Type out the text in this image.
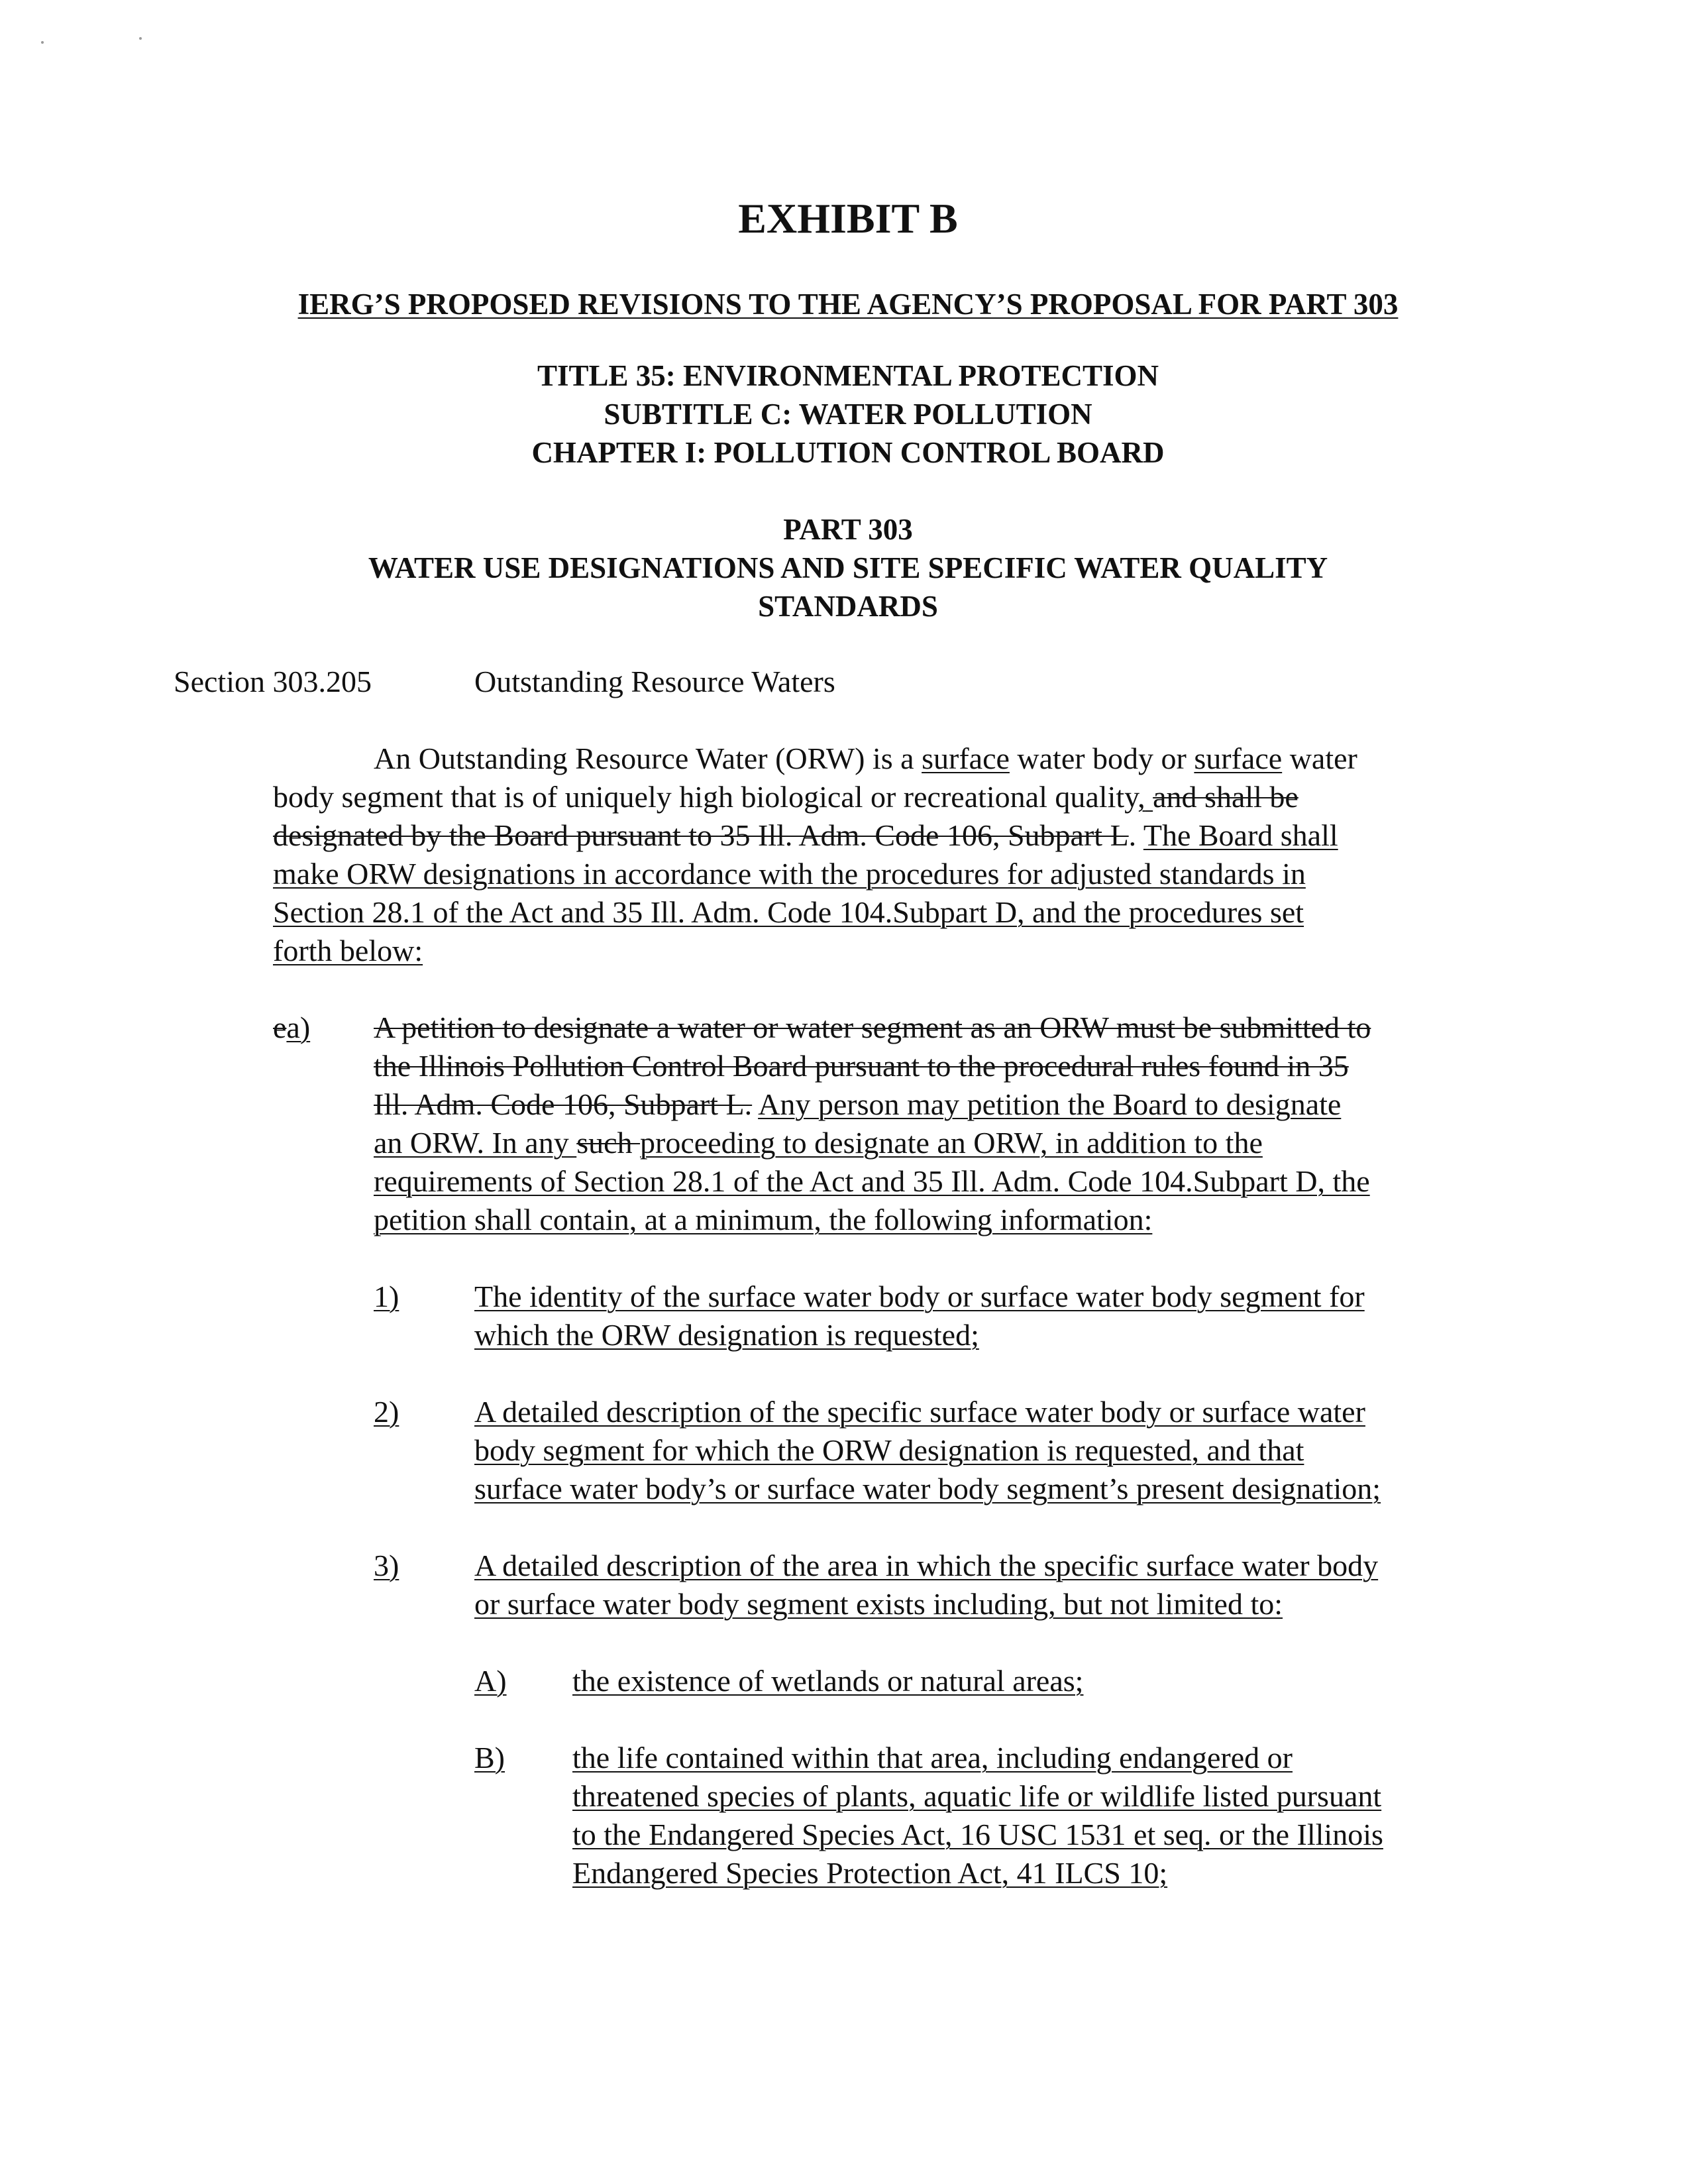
EXHIBIT B
IERG’S PROPOSED REVISIONS TO THE AGENCY’S PROPOSAL FOR PART 303
TITLE 35: ENVIRONMENTAL PROTECTION
SUBTITLE C: WATER POLLUTION
CHAPTER I: POLLUTION CONTROL BOARD
PART 303
WATER USE DESIGNATIONS AND SITE SPECIFIC WATER QUALITY
STANDARDS
Section 303.205	Outstanding Resource Waters
An Outstanding Resource Water (ORW) is a surface water body or surface water
body segment that is of uniquely high biological or recreational quality, and shall be
designated by the Board pursuant to 35 Ill. Adm. Code 106, Subpart L. The Board shall
make ORW designations in accordance with the procedures for adjusted standards in
Section 28.1 of the Act and 35 Ill. Adm. Code 104.Subpart D, and the procedures set
forth below:
ea) A petition to designate a water or water segment as an ORW must be submitted to
the Illinois Pollution Control Board pursuant to the procedural rules found in 35
Ill. Adm. Code 106, Subpart L. Any person may petition the Board to designate
an ORW. In any such proceeding to designate an ORW, in addition to the
requirements of Section 28.1 of the Act and 35 Ill. Adm. Code 104.Subpart D, the
petition shall contain, at a minimum, the following information:
1)	The identity of the surface water body or surface water body segment for
which the ORW designation is requested;
2)	A detailed description of the specific surface water body or surface water
body segment for which the ORW designation is requested, and that
surface water body’s or surface water body segment’s present designation;
3)	A detailed description of the area in which the specific surface water body
or surface water body segment exists including, but not limited to:
A)	the existence of wetlands or natural areas;
B)	the life contained within that area, including endangered or
threatened species of plants, aquatic life or wildlife listed pursuant
to the Endangered Species Act, 16 USC 1531 et seq. or the Illinois
Endangered Species Protection Act, 41 ILCS 10;
